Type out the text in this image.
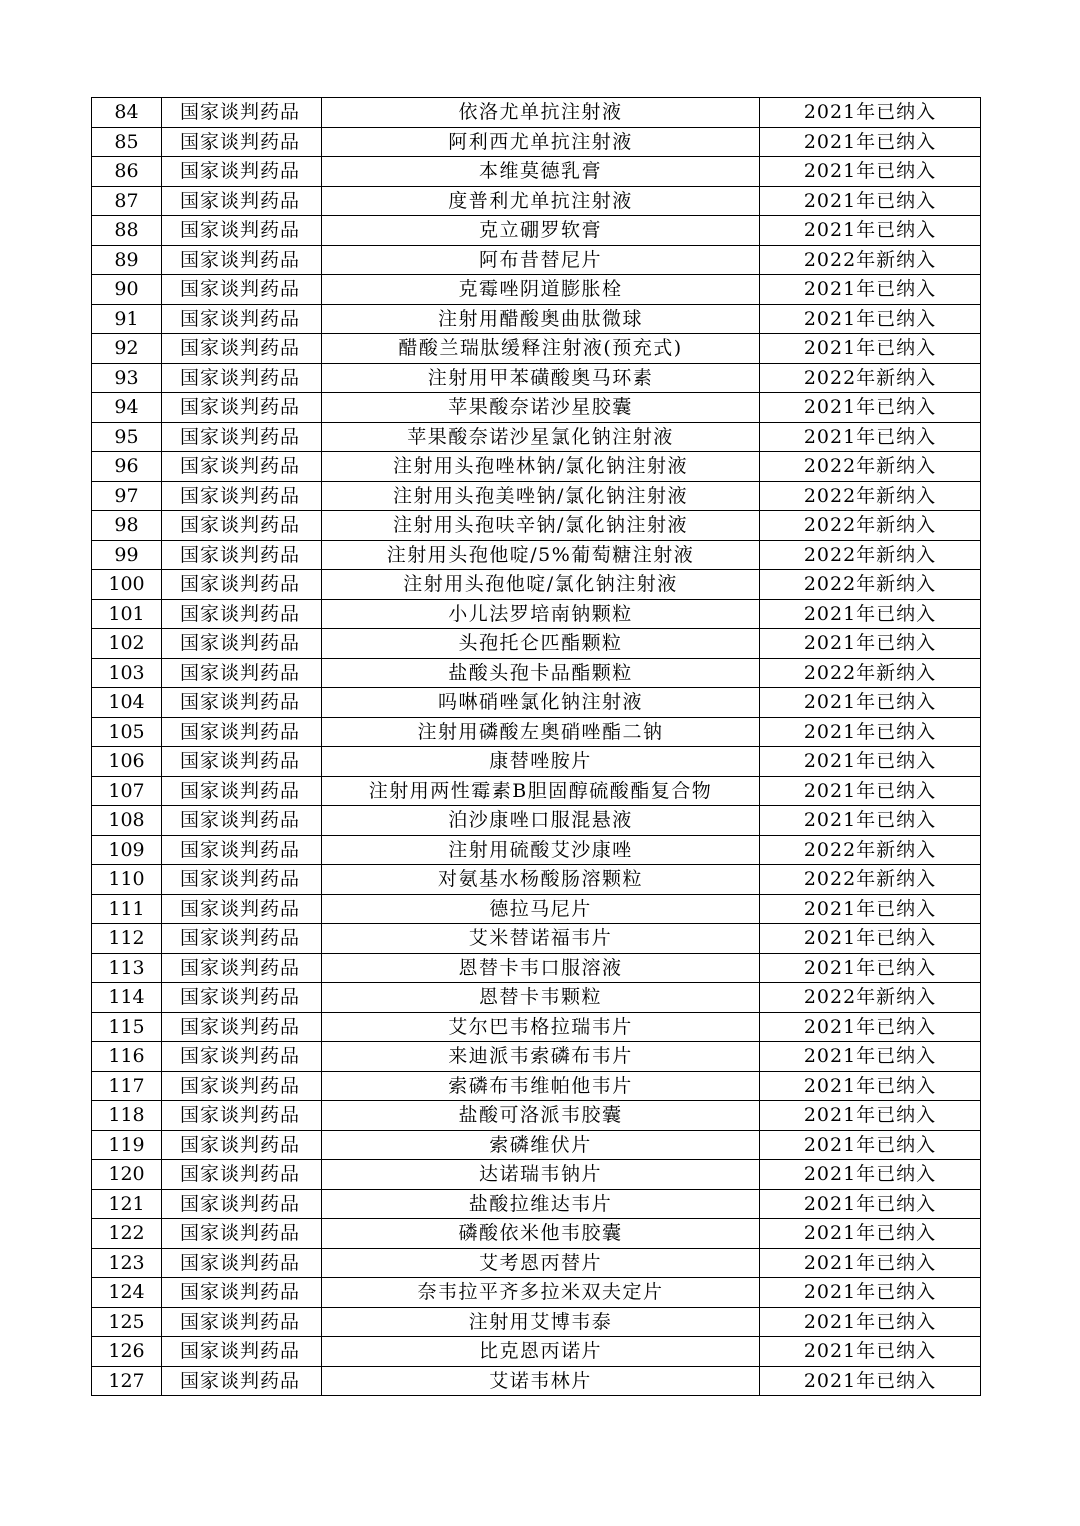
84	国家谈判药品	依洛尤单抗注射液	2021年已纳入
85	国家谈判药品	阿利西尤单抗注射液	2021年已纳入
86	国家谈判药品	本维莫德乳膏	2021年已纳入
87	国家谈判药品	度普利尤单抗注射液	2021年已纳入
88	国家谈判药品	克立硼罗软膏	2021年已纳入
89	国家谈判药品	阿布昔替尼片	2022年新纳入
90	国家谈判药品	克霉唑阴道膨胀栓	2021年已纳入
91	国家谈判药品	注射用醋酸奥曲肽微球	2021年已纳入
92	国家谈判药品	醋酸兰瑞肽缓释注射液(预充式)	2021年已纳入
93	国家谈判药品	注射用甲苯磺酸奥马环素	2022年新纳入
94	国家谈判药品	苹果酸奈诺沙星胶囊	2021年已纳入
95	国家谈判药品	苹果酸奈诺沙星氯化钠注射液	2021年已纳入
96	国家谈判药品	注射用头孢唑林钠/氯化钠注射液	2022年新纳入
97	国家谈判药品	注射用头孢美唑钠/氯化钠注射液	2022年新纳入
98	国家谈判药品	注射用头孢呋辛钠/氯化钠注射液	2022年新纳入
99	国家谈判药品	注射用头孢他啶/5%葡萄糖注射液	2022年新纳入
100	国家谈判药品	注射用头孢他啶/氯化钠注射液	2022年新纳入
101	国家谈判药品	小儿法罗培南钠颗粒	2021年已纳入
102	国家谈判药品	头孢托仑匹酯颗粒	2021年已纳入
103	国家谈判药品	盐酸头孢卡品酯颗粒	2022年新纳入
104	国家谈判药品	吗啉硝唑氯化钠注射液	2021年已纳入
105	国家谈判药品	注射用磷酸左奥硝唑酯二钠	2021年已纳入
106	国家谈判药品	康替唑胺片	2021年已纳入
107	国家谈判药品	注射用两性霉素B胆固醇硫酸酯复合物	2021年已纳入
108	国家谈判药品	泊沙康唑口服混悬液	2021年已纳入
109	国家谈判药品	注射用硫酸艾沙康唑	2022年新纳入
110	国家谈判药品	对氨基水杨酸肠溶颗粒	2022年新纳入
111	国家谈判药品	德拉马尼片	2021年已纳入
112	国家谈判药品	艾米替诺福韦片	2021年已纳入
113	国家谈判药品	恩替卡韦口服溶液	2021年已纳入
114	国家谈判药品	恩替卡韦颗粒	2022年新纳入
115	国家谈判药品	艾尔巴韦格拉瑞韦片	2021年已纳入
116	国家谈判药品	来迪派韦索磷布韦片	2021年已纳入
117	国家谈判药品	索磷布韦维帕他韦片	2021年已纳入
118	国家谈判药品	盐酸可洛派韦胶囊	2021年已纳入
119	国家谈判药品	索磷维伏片	2021年已纳入
120	国家谈判药品	达诺瑞韦钠片	2021年已纳入
121	国家谈判药品	盐酸拉维达韦片	2021年已纳入
122	国家谈判药品	磷酸依米他韦胶囊	2021年已纳入
123	国家谈判药品	艾考恩丙替片	2021年已纳入
124	国家谈判药品	奈韦拉平齐多拉米双夫定片	2021年已纳入
125	国家谈判药品	注射用艾博韦泰	2021年已纳入
126	国家谈判药品	比克恩丙诺片	2021年已纳入
127	国家谈判药品	艾诺韦林片	2021年已纳入
